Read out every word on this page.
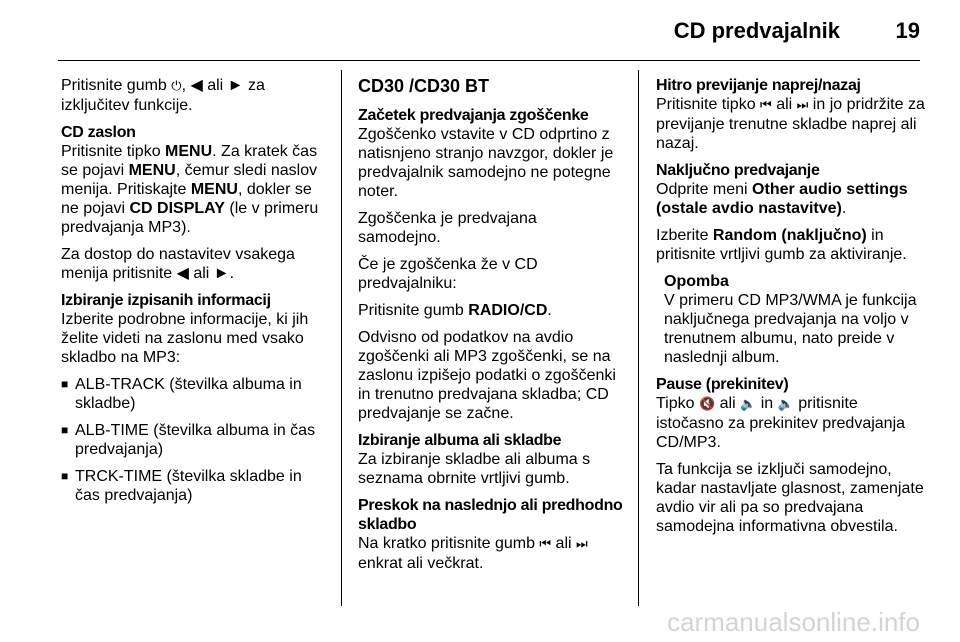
CD predvajalnik	19

Pritisnite gumb ⏻, ◀ ali ► za izključitev funkcije.

CD zaslon

Pritisnite tipko MENU. Za kratek čas se pojavi MENU, čemur sledi naslov menija. Pritiskajte MENU, dokler se ne pojavi CD DISPLAY (le v primeru predvajanja MP3).

Za dostop do nastavitev vsakega menija pritisnite ◀ ali ►.

Izbiranje izpisanih informacij

Izberite podrobne informacije, ki jih želite videti na zaslonu med vsako skladbo na MP3:

■ ALB-TRACK (številka albuma in skladbe)
■ ALB-TIME (številka albuma in čas predvajanja)
■ TRCK-TIME (številka skladbe in čas predvajanja)

CD30 /CD30 BT

Začetek predvajanja zgoščenke

Zgoščenko vstavite v CD odprtino z natisnjeno stranjo navzgor, dokler je predvajalnik samodejno ne potegne noter.

Zgoščenka je predvajana samodejno.

Če je zgoščenka že v CD predvajalniku:

Pritisnite gumb RADIO/CD.

Odvisno od podatkov na avdio zgoščenki ali MP3 zgoščenki, se na zaslonu izpišejo podatki o zgoščenki in trenutno predvajana skladba; CD predvajanje se začne.

Izbiranje albuma ali skladbe

Za izbiranje skladbe ali albuma s seznama obrnite vrtljivi gumb.

Preskok na naslednjo ali predhodno skladbo

Na kratko pritisnite gumb ⏮ ali ⏭ enkrat ali večkrat.

Hitro previjanje naprej/nazaj

Pritisnite tipko ⏮ ali ⏭ in jo pridržite za previjanje trenutne skladbe naprej ali nazaj.

Naključno predvajanje

Odprite meni Other audio settings (ostale avdio nastavitve).

Izberite Random (naključno) in pritisnite vrtljivi gumb za aktiviranje.

Opomba
V primeru CD MP3/WMA je funkcija naključnega predvajanja na voljo v trenutnem albumu, nato preide v naslednji album.

Pause (prekinitev)

Tipko 🔇 ali 🔈 in 🔈 pritisnite istočasno za prekinitev predvajanja CD/MP3.

Ta funkcija se izključi samodejno, kadar nastavljate glasnost, zamenjate avdio vir ali pa so predvajana samodejna informativna obvestila.

carmanualsonline.info
